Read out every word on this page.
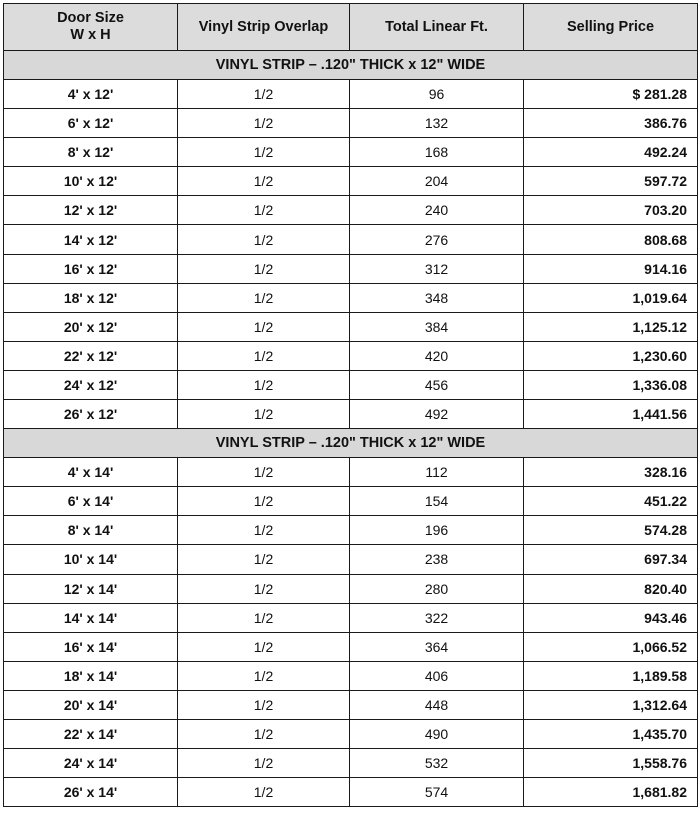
Door Size
W x H	Vinyl Strip Overlap	Total Linear Ft.	Selling Price
VINYL STRIP – .120" THICK x 12" WIDE			
4' x 12'	1/2	96	$ 281.28
6' x 12'	1/2	132	386.76
8' x 12'	1/2	168	492.24
10' x 12'	1/2	204	597.72
12' x 12'	1/2	240	703.20
14' x 12'	1/2	276	808.68
16' x 12'	1/2	312	914.16
18' x 12'	1/2	348	1,019.64
20' x 12'	1/2	384	1,125.12
22' x 12'	1/2	420	1,230.60
24' x 12'	1/2	456	1,336.08
26' x 12'	1/2	492	1,441.56
VINYL STRIP – .120" THICK x 12" WIDE			
4' x 14'	1/2	112	328.16
6' x 14'	1/2	154	451.22
8' x 14'	1/2	196	574.28
10' x 14'	1/2	238	697.34
12' x 14'	1/2	280	820.40
14' x 14'	1/2	322	943.46
16' x 14'	1/2	364	1,066.52
18' x 14'	1/2	406	1,189.58
20' x 14'	1/2	448	1,312.64
22' x 14'	1/2	490	1,435.70
24' x 14'	1/2	532	1,558.76
26' x 14'	1/2	574	1,681.82
